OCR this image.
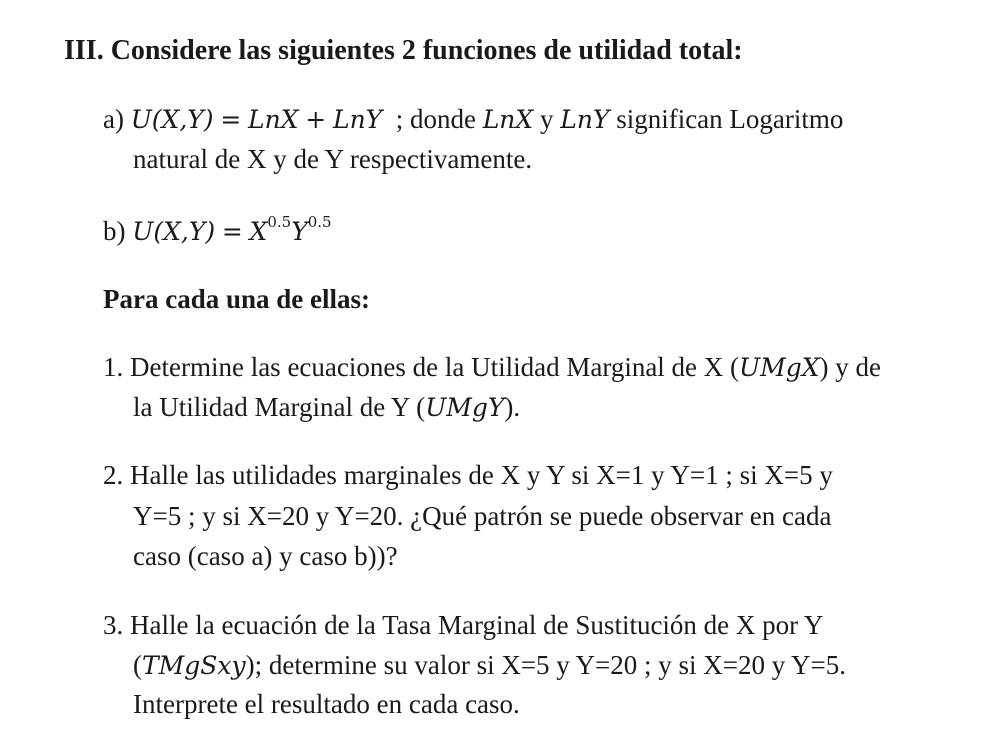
III. Considere las siguientes 2 funciones de utilidad total:
a) U(X,Y) = LnX + LnY ; donde LnX y LnY significan Logaritmo
natural de X y de Y respectivamente.
b) $U(X,Y) = X^{0.5}Y^{0.5}$
Para cada una de ellas:
1. Determine las ecuaciones de la Utilidad Marginal de X (UMgX) y de
la Utilidad Marginal de Y (UMgY).
2. Halle las utilidades marginales de X y Y si X=1 y Y=1 ; si X=5 y
Y=5 ; y si X=20 y Y=20. ¿Qué patrón se puede observar en cada
caso (caso a) y caso b))?
3. Halle la ecuación de la Tasa Marginal de Sustitución de X por Y
(TMgSxy); determine su valor si X=5 y Y=20 ; y si X=20 y Y=5.
Interprete el resultado en cada caso.
